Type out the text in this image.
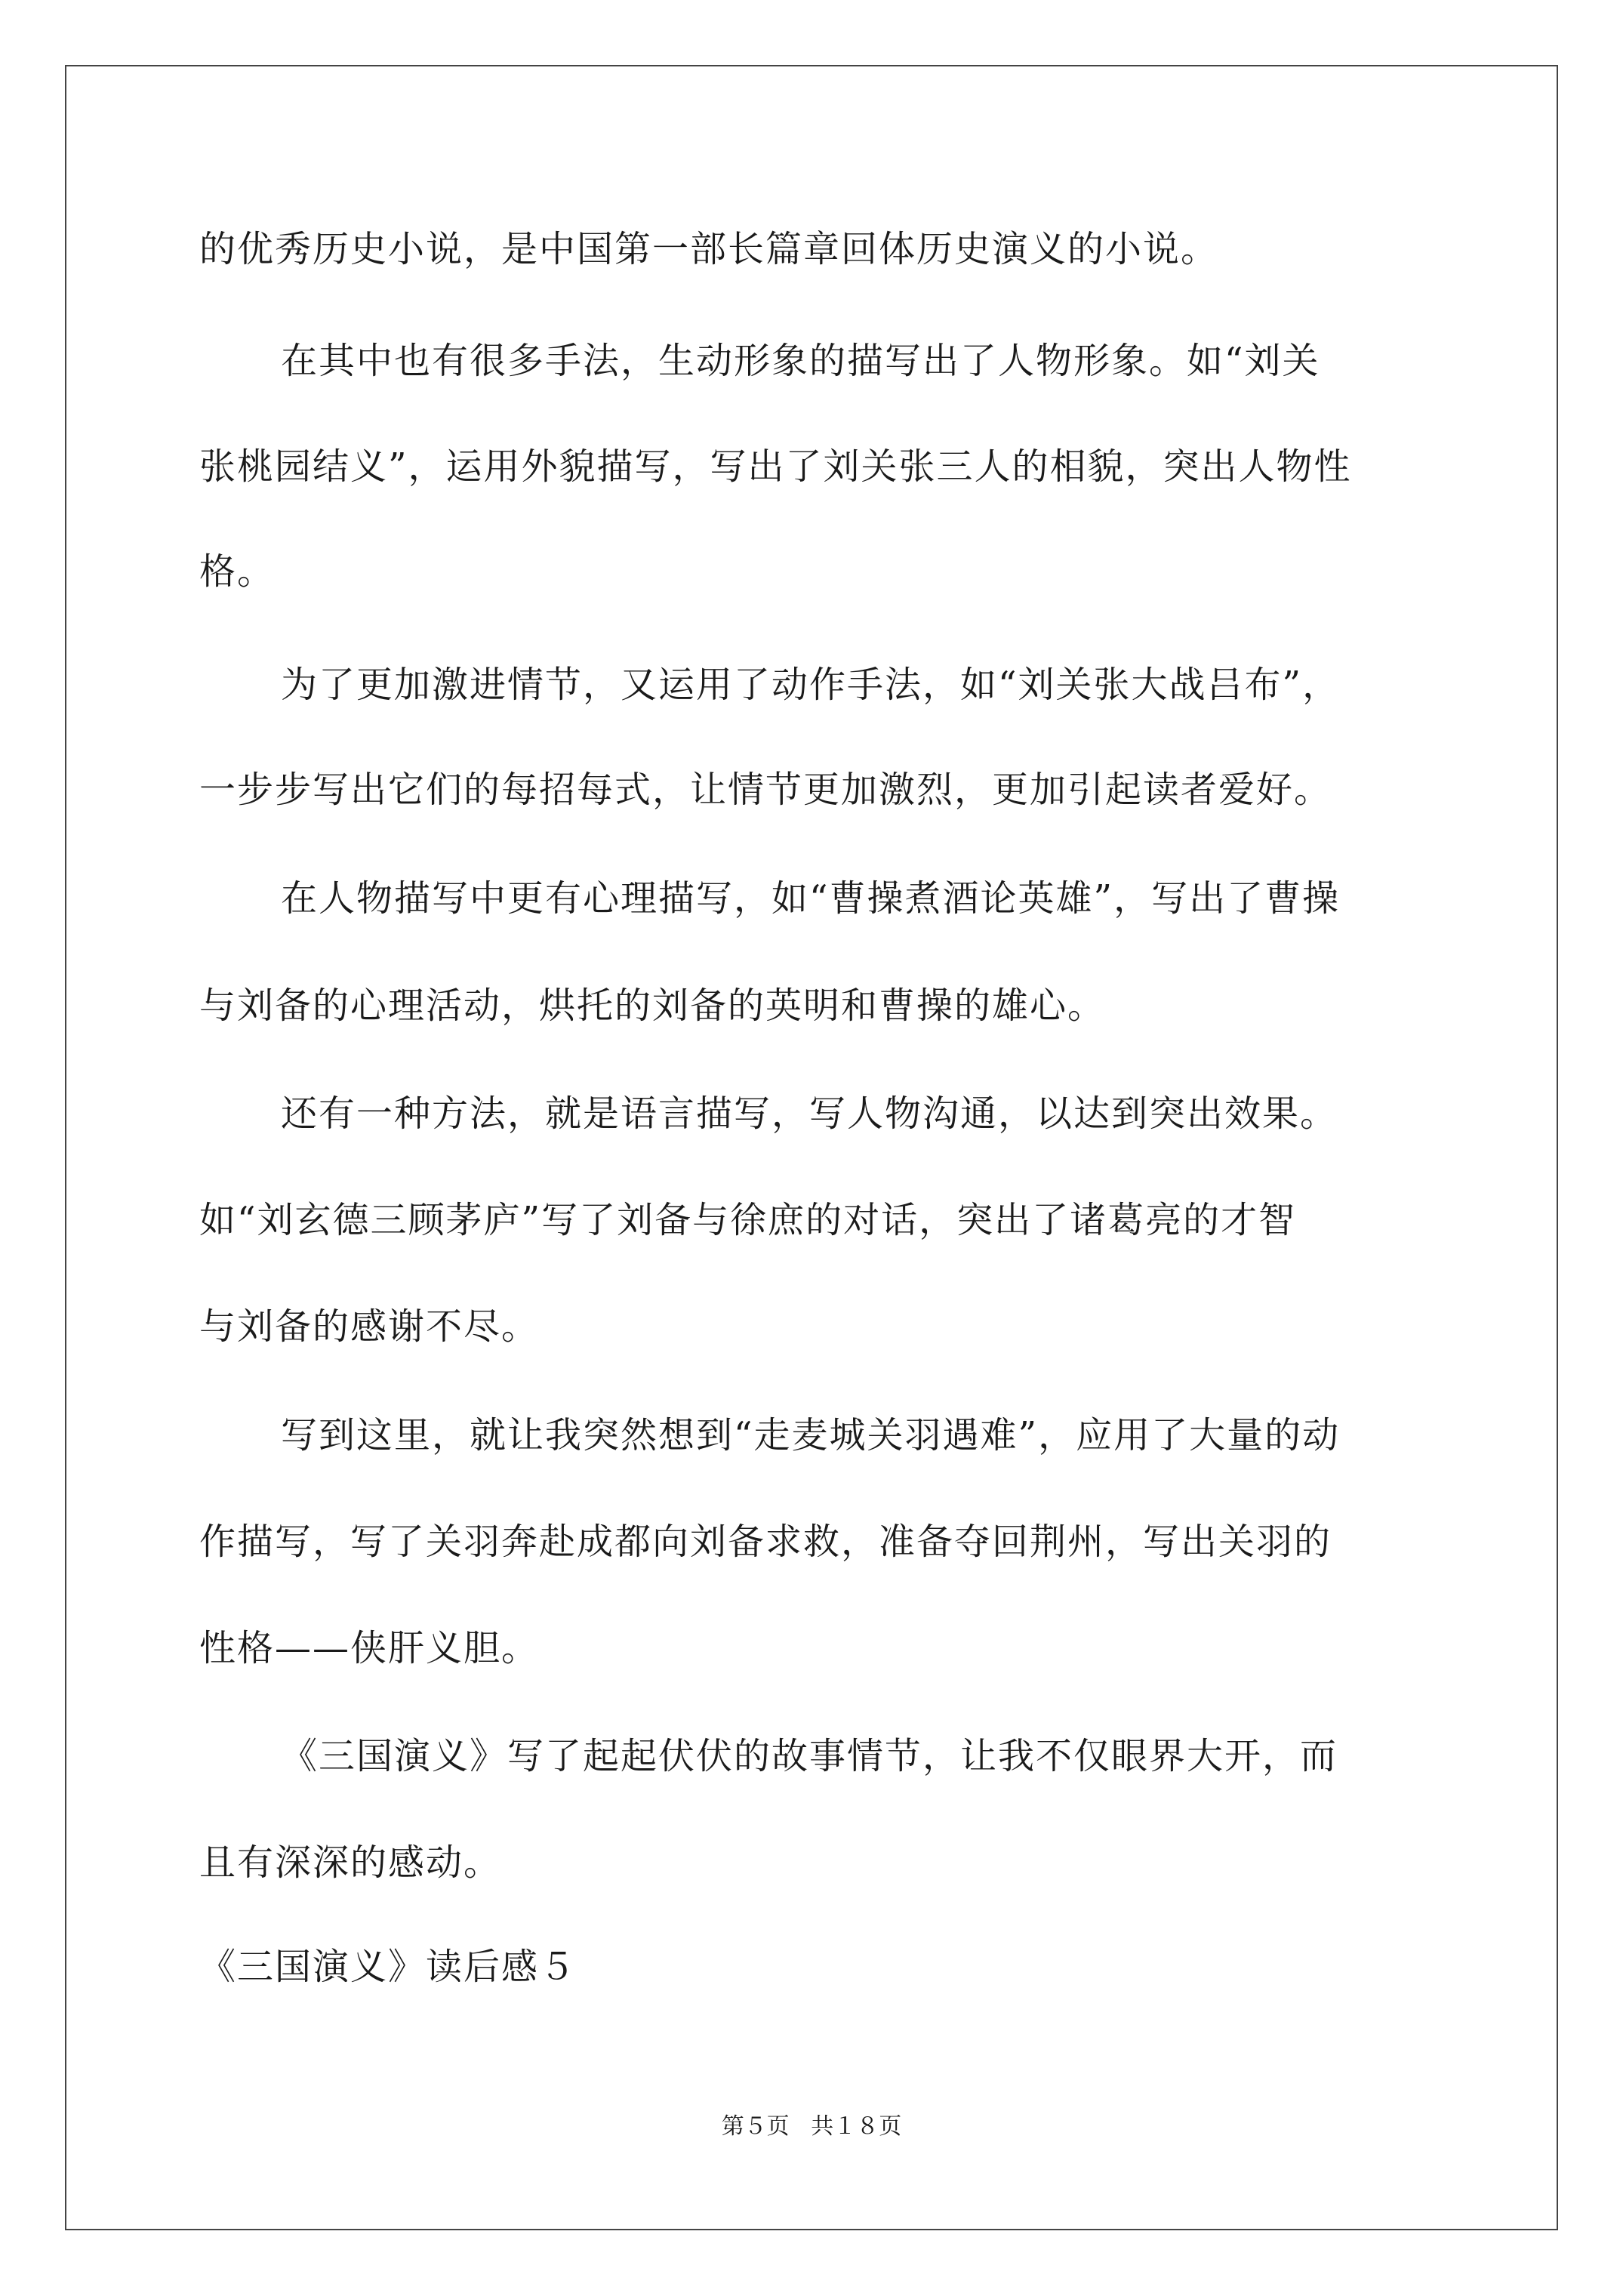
的优秀历史小说，是中国第一部长篇章回体历史演义的小说。
在其中也有很多手法，生动形象的描写出了人物形象。如“刘关
张桃园结义”，运用外貌描写，写出了刘关张三人的相貌，突出人物性
格。
为了更加激进情节，又运用了动作手法，如“刘关张大战吕布”，
一步步写出它们的每招每式，让情节更加激烈，更加引起读者爱好。
在人物描写中更有心理描写，如“曹操煮酒论英雄”，写出了曹操
与刘备的心理活动，烘托的刘备的英明和曹操的雄心。
还有一种方法，就是语言描写，写人物沟通，以达到突出效果。
如“刘玄德三顾茅庐”写了刘备与徐庶的对话，突出了诸葛亮的才智
与刘备的感谢不尽。
写到这里，就让我突然想到“走麦城关羽遇难”，应用了大量的动
作描写，写了关羽奔赴成都向刘备求救，准备夺回荆州，写出关羽的
性格——侠肝义胆。
《三国演义》写了起起伏伏的故事情节，让我不仅眼界大开，而
且有深深的感动。
《三国演义》读后感５
第５页   共１８页
